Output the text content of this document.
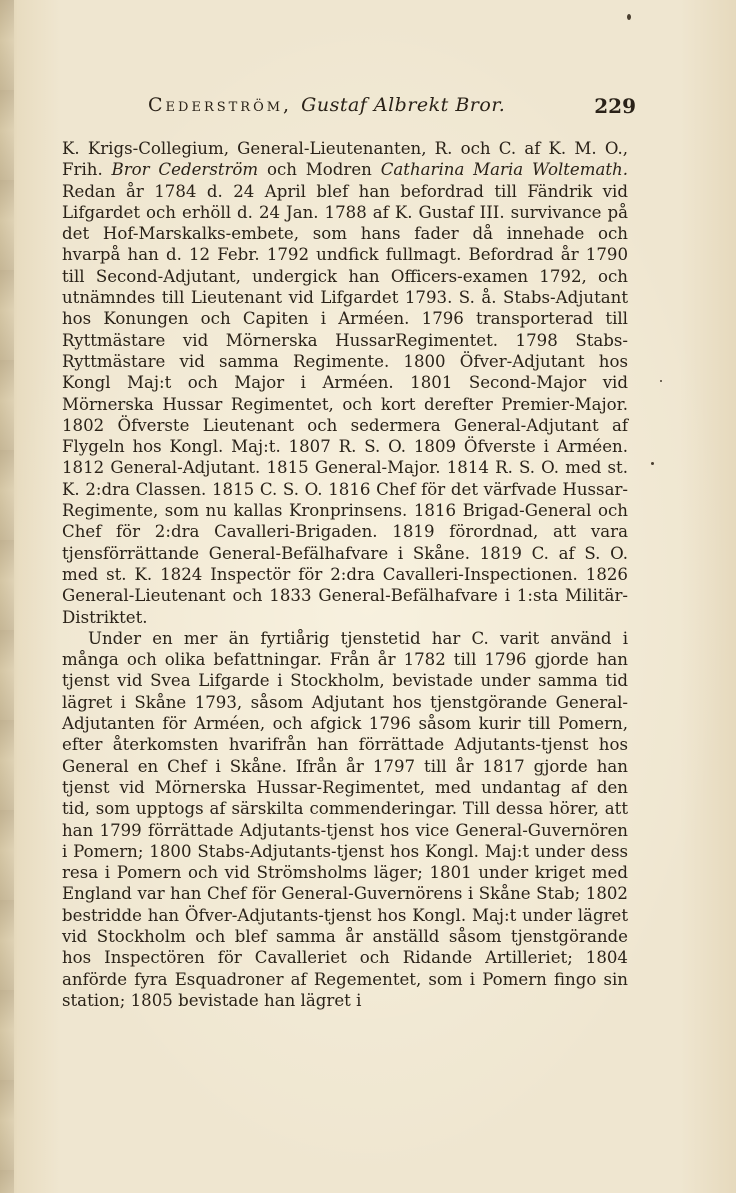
Cederström, Gustaf Albrekt Bror.	229

K. Krigs-Collegium, General-Lieutenanten, R. och C. af K. M. O., Frih. Bror Cederström och Modren Catharina Maria Woltemath. Redan år 1784 d. 24 April blef han befordrad till Fändrik vid Lifgardet och erhöll d. 24 Jan. 1788 af K. Gustaf III. survivance på det Hof-Marskalks-embete, som hans fader då innehade och hvarpå han d. 12 Febr. 1792 undfick fullmagt. Befordrad år 1790 till Second-Adjutant, undergick han Officers-examen 1792, och utnämndes till Lieutenant vid Lifgardet 1793. S. å. Stabs-Adjutant hos Konungen och Capiten i Arméen. 1796 transporterad till Ryttmästare vid Mörnerska HussarRegimentet. 1798 Stabs-Ryttmästare vid samma Regimente. 1800 Öfver-Adjutant hos Kongl Maj:t och Major i Arméen. 1801 Second-Major vid Mörnerska Hussar Regimentet, och kort derefter Premier-Major. 1802 Öfverste Lieutenant och sedermera General-Adjutant af Flygeln hos Kongl. Maj:t. 1807 R. S. O. 1809 Öfverste i Arméen. 1812 General-Adjutant. 1815 General-Major. 1814 R. S. O. med st. K. 2:dra Classen. 1815 C. S. O. 1816 Chef för det värfvade Hussar-Regimente, som nu kallas Kronprinsens. 1816 Brigad-General och Chef för 2:dra Cavalleri-Brigaden. 1819 förordnad, att vara tjensförrättande General-Befälhafvare i Skåne. 1819 C. af S. O. med st. K. 1824 Inspectör för 2:dra Cavalleri-Inspectionen. 1826 General-Lieutenant och 1833 General-Befälhafvare i 1:sta Militär-Distriktet.

Under en mer än fyrtiårig tjenstetid har C. varit använd i många och olika befattningar. Från år 1782 till 1796 gjorde han tjenst vid Svea Lifgarde i Stockholm, bevistade under samma tid lägret i Skåne 1793, såsom Adjutant hos tjenstgörande General-Adjutanten för Arméen, och afgick 1796 såsom kurir till Pomern, efter återkomsten hvarifrån han förrättade Adjutants-tjenst hos General en Chef i Skåne. Ifrån år 1797 till år 1817 gjorde han tjenst vid Mörnerska Hussar-Regimentet, med undantag af den tid, som upptogs af särskilta commenderingar. Till dessa hörer, att han 1799 förrättade Adjutants-tjenst hos vice General-Guvernören i Pomern; 1800 Stabs-Adjutants-tjenst hos Kongl. Maj:t under dess resa i Pomern och vid Strömsholms läger; 1801 under kriget med England var han Chef för General-Guvernörens i Skåne Stab; 1802 bestridde han Öfver-Adjutants-tjenst hos Kongl. Maj:t under lägret vid Stockholm och blef samma år anställd såsom tjenstgörande hos Inspectören för Cavalleriet och Ridande Artilleriet; 1804 anförde fyra Esquadroner af Regementet, som i Pomern fingo sin station; 1805 bevistade han lägret i
